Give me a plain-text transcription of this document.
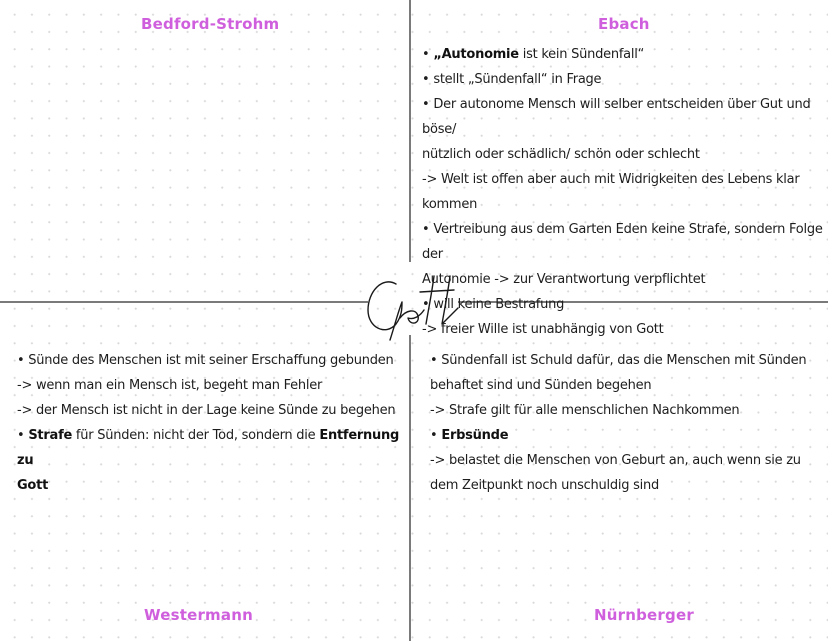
Bedford-Strohm	Ebach
Westermann	Nürnberger

• „Autonomie ist kein Sündenfall“

• stellt „Sündenfall“ in Frage

• Der autonome Mensch will selber entscheiden über Gut und böse/

nützlich oder schädlich/ schön oder schlecht

-> Welt ist offen aber auch mit Widrigkeiten des Lebens klar kommen

• Vertreibung aus dem Garten Eden keine Strafe, sondern Folge der

Autonomie -> zur Verantwortung verpflichtet

• will keine Bestrafung

-> freier Wille ist unabhängig von Gott

• Sünde des Menschen ist mit seiner Erschaffung gebunden

-> wenn man ein Mensch ist, begeht man Fehler

-> der Mensch ist nicht in der Lage keine Sünde zu begehen

• Strafe für Sünden: nicht der Tod, sondern die Entfernung zu

Gott

• Sündenfall ist Schuld dafür, das die Menschen mit Sünden

behaftet sind und Sünden begehen

-> Strafe gilt für alle menschlichen Nachkommen

• Erbsünde

-> belastet die Menschen von Geburt an, auch wenn sie zu

dem Zeitpunkt noch unschuldig sind
